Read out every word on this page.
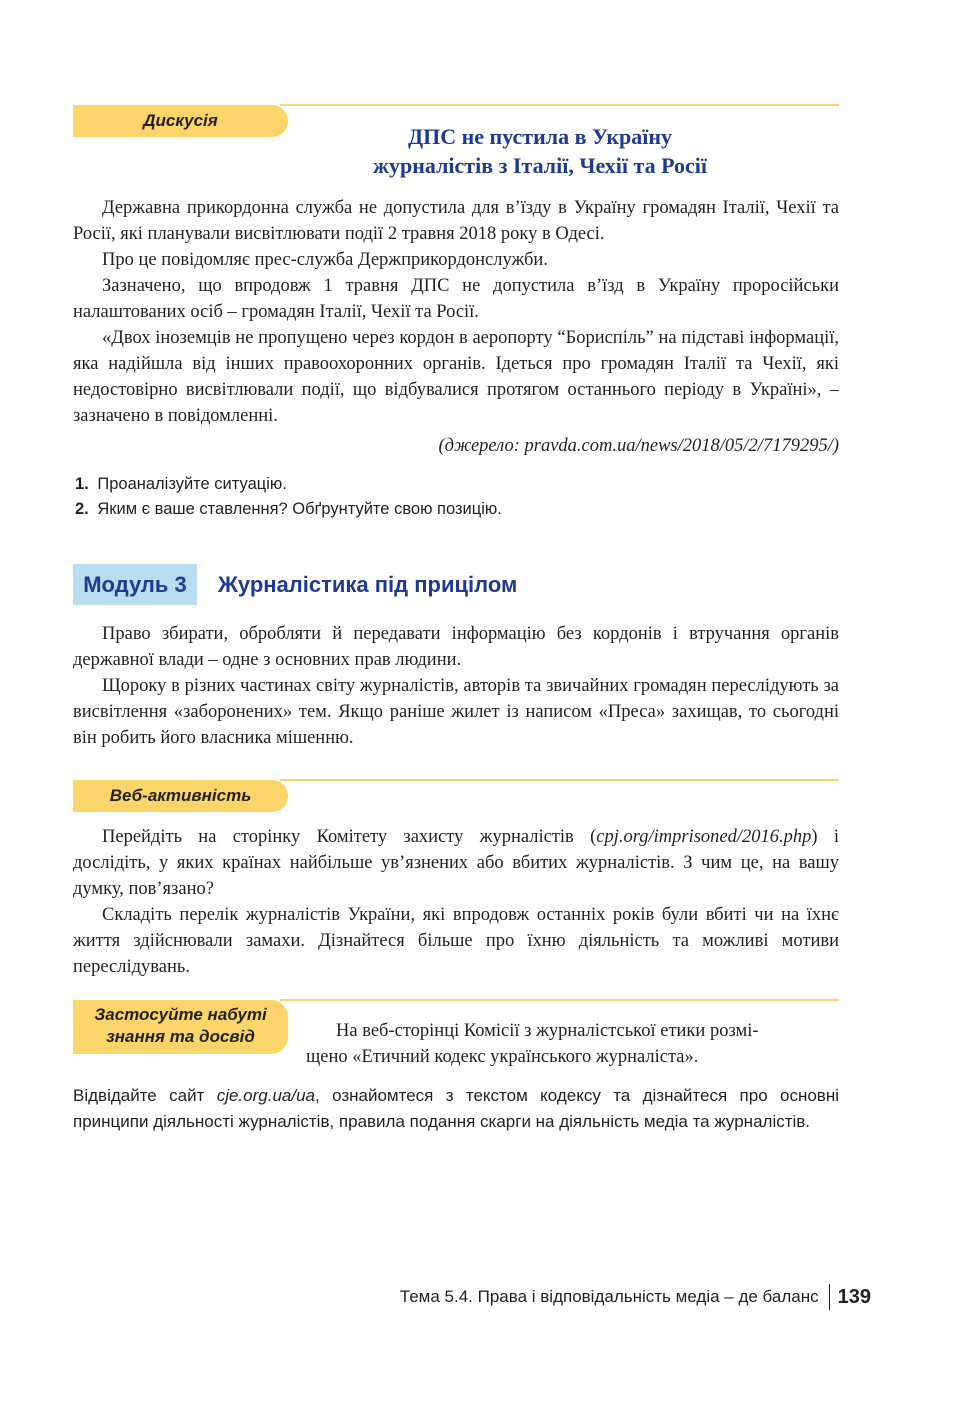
Дискусія
ДПС не пустила в Україну
журналістів з Італії, Чехії та Росії

Державна прикордонна служба не допустила для в’їзду в Україну громадян Італії, Чехії та Росії, які планували висвітлювати події 2 травня 2018 року в Одесі.

Про це повідомляє прес-служба Держприкордонслужби.

Зазначено, що впродовж 1 травня ДПС не допустила в’їзд в Україну проросійськи налаштованих осіб – громадян Італії, Чехії та Росії.

«Двох іноземців не пропущено через кордон в аеропорту “Бориспіль” на підставі інформації, яка надійшла від інших правоохоронних органів. Ідеться про громадян Італії та Чехії, які недостовірно висвітлювали події, що відбувалися протягом останнього періоду в Україні», – зазначено в повідомленні.

(джерело: pravda.com.ua/news/2018/05/2/7179295/)
1. Проаналізуйте ситуацію.
2. Яким є ваше ставлення? Обґрунтуйте свою позицію.
Модуль 3	Журналістика під прицілом

Право збирати, обробляти й передавати інформацію без кордонів і втручання органів державної влади – одне з основних прав людини.

Щороку в різних частинах світу журналістів, авторів та звичайних громадян переслідують за висвітлення «заборонених» тем. Якщо раніше жилет із написом «Преса» захищав, то сьогодні він робить його власника мішенню.

Веб-активність

Перейдіть на сторінку Комітету захисту журналістів (cpj.org/imprisoned/2016.php) і дослідіть, у яких країнах найбільше ув’язнених або вбитих журналістів. З чим це, на вашу думку, пов’язано?

Складіть перелік журналістів України, які впродовж останніх років були вбиті чи на їхнє життя здійснювали замахи. Дізнайтеся більше про їхню діяльність та можливі мотиви переслідувань.

Застосуйте набуті
знання та досвід	На веб-сторінці Комісії з журналістської етики розмі-
щено «Етичний кодекс українського журналіста».
Відвідайте сайт cje.org.ua/ua, ознайомтеся з текстом кодексу та дізнайтеся про основні принципи діяльності журналістів, правила подання скарги на діяльність медіа та журналістів.
Тема 5.4. Права і відповідальність медіа – де баланс 139
